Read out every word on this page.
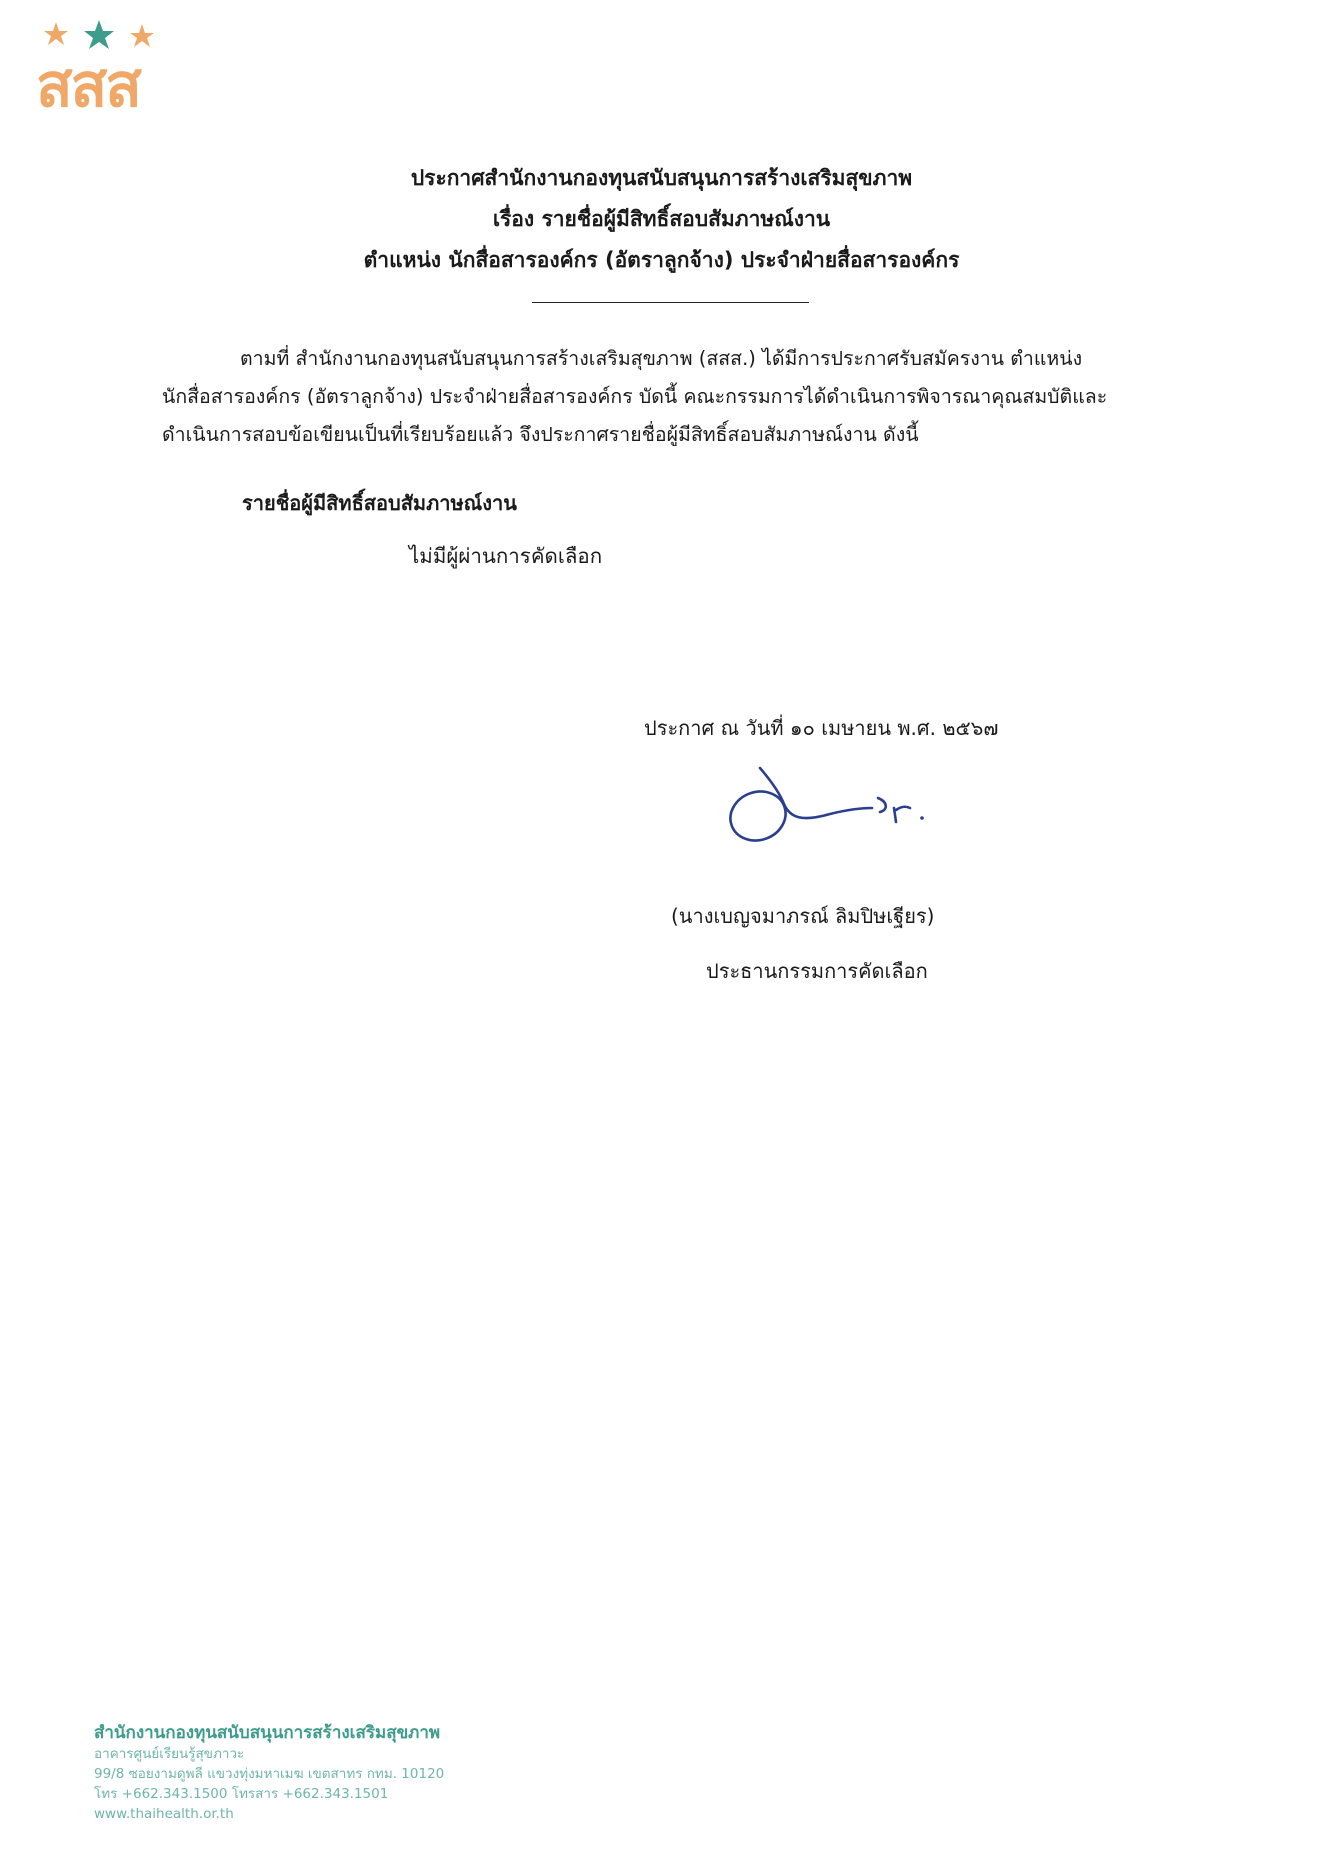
สสส
ประกาศสำนักงานกองทุนสนับสนุนการสร้างเสริมสุขภาพ
เรื่อง รายชื่อผู้มีสิทธิ์สอบสัมภาษณ์งาน
ตำแหน่ง นักสื่อสารองค์กร (อัตราลูกจ้าง) ประจำฝ่ายสื่อสารองค์กร
ตามที่ สำนักงานกองทุนสนับสนุนการสร้างเสริมสุขภาพ (สสส.) ได้มีการประกาศรับสมัครงาน ตำแหน่ง
นักสื่อสารองค์กร (อัตราลูกจ้าง) ประจำฝ่ายสื่อสารองค์กร บัดนี้ คณะกรรมการได้ดำเนินการพิจารณาคุณสมบัติและ
ดำเนินการสอบข้อเขียนเป็นที่เรียบร้อยแล้ว จึงประกาศรายชื่อผู้มีสิทธิ์สอบสัมภาษณ์งาน ดังนี้
รายชื่อผู้มีสิทธิ์สอบสัมภาษณ์งาน
ไม่มีผู้ผ่านการคัดเลือก
ประกาศ ณ วันที่ ๑๐ เมษายน พ.ศ. ๒๕๖๗
(นางเบญจมาภรณ์ ลิมปิษเฐียร)
ประธานกรรมการคัดเลือก
สำนักงานกองทุนสนับสนุนการสร้างเสริมสุขภาพ
อาคารศูนย์เรียนรู้สุขภาวะ
99/8 ซอยงามดูพลี แขวงทุ่งมหาเมฆ เขตสาทร กทม. 10120
โทร +662.343.1500 โทรสาร +662.343.1501
www.thaihealth.or.th
